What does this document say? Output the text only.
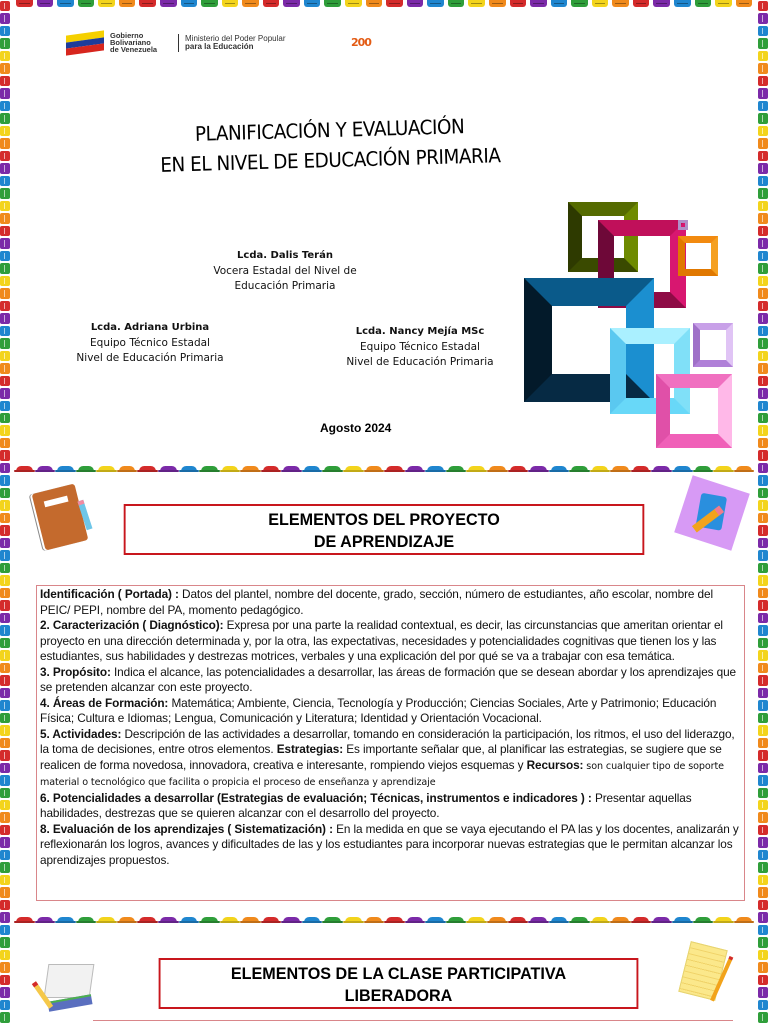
Gobierno
Bolivariano
de Venezuela
Ministerio del Poder Popular
para la Educación	200
PLANIFICACIÓN Y EVALUACIÓN
EN EL NIVEL DE EDUCACIÓN PRIMARIA
Lcda. Dalis Terán
Vocera Estadal del Nivel de
Educación Primaria
Lcda. Adriana Urbina
Equipo Técnico Estadal
Nivel de Educación Primaria
Lcda. Nancy Mejía MSc
Equipo Técnico Estadal
Nivel de Educación Primaria
Agosto 2024
ELEMENTOS DEL PROYECTO
DE APRENDIZAJE

Identificación ( Portada) : Datos del plantel, nombre del docente, grado, sección, número de estudiantes, año escolar, nombre del PEIC/ PEPI, nombre del PA, momento pedagógico.

2. Caracterización ( Diagnóstico): Expresa por una parte la realidad contextual, es decir, las circunstancias que ameritan orientar el proyecto en una dirección determinada y, por la otra, las expectativas, necesidades y potencialidades cognitivas que tienen los y las estudiantes, sus habilidades y destrezas motrices, verbales y una explicación del por qué se va a trabajar con esa temática.

3. Propósito: Indica el alcance, las potencialidades a desarrollar, las áreas de formación que se desean abordar y los aprendizajes que se pretenden alcanzar con este proyecto.

4. Áreas de Formación: Matemática; Ambiente, Ciencia, Tecnología y Producción; Ciencias Sociales, Arte y Patrimonio; Educación Física; Cultura e Idiomas; Lengua, Comunicación y Literatura; Identidad y Orientación Vocacional.

5. Actividades: Descripción de las actividades a desarrollar, tomando en consideración la participación, los ritmos, el uso del liderazgo, la toma de decisiones, entre otros elementos. Estrategias: Es importante señalar que, al planificar las estrategias, se sugiere que se realicen de forma novedosa, innovadora, creativa e interesante, rompiendo viejos esquemas y Recursos: son cualquier tipo de soporte material o tecnológico que facilita o propicia el proceso de enseñanza y aprendizaje

6. Potencialidades a desarrollar (Estrategias de evaluación; Técnicas, instrumentos e indicadores ) : Presentar aquellas habilidades, destrezas que se quieren alcanzar con el desarrollo del proyecto.

8. Evaluación de los aprendizajes ( Sistematización) : En la medida en que se vaya ejecutando el PA las y los docentes, analizarán y reflexionarán los logros, avances y dificultades de las y los estudiantes para incorporar nuevas estrategias que le permitan alcanzar los aprendizajes propuestos.

ELEMENTOS DE LA CLASE PARTICIPATIVA
LIBERADORA
